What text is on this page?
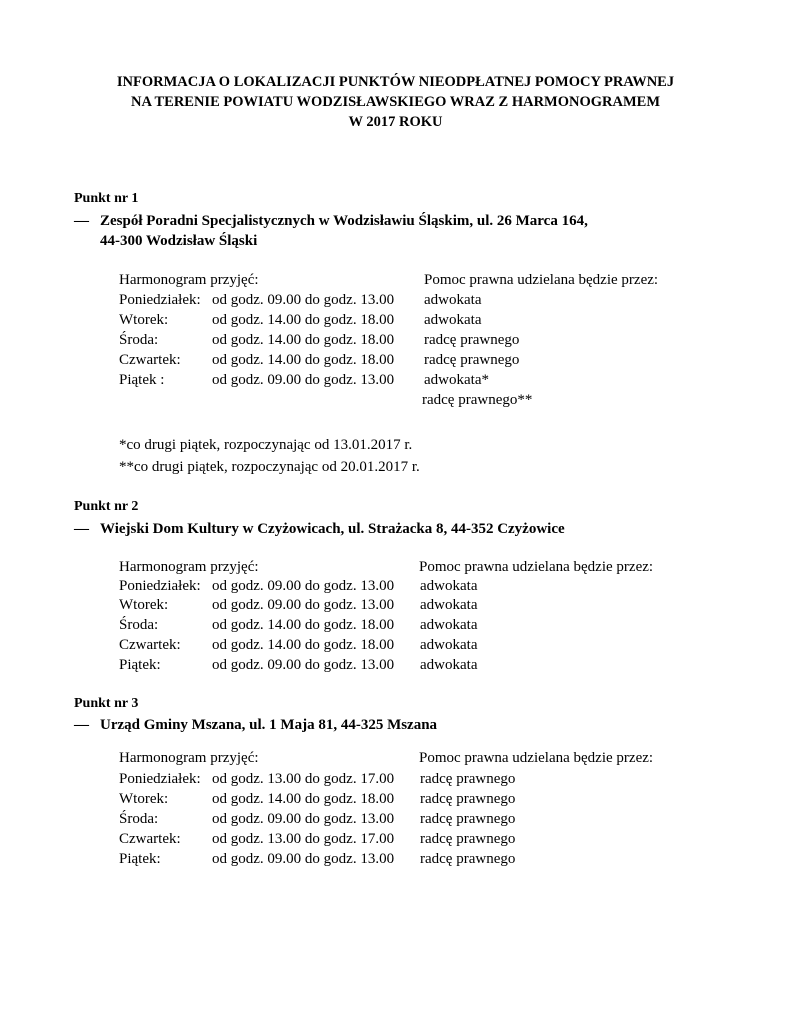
INFORMACJA O LOKALIZACJI PUNKTÓW NIEODPŁATNEJ POMOCY PRAWNEJ
NA TERENIE POWIATU WODZISŁAWSKIEGO WRAZ Z HARMONOGRAMEM
W 2017 ROKU
Punkt nr 1
— Zespół Poradni Specjalistycznych w Wodzisławiu Śląskim, ul. 26 Marca 164,
44-300 Wodzisław Śląski
Harmonogram przyjęć:	Pomoc prawna udzielana będzie przez:
Poniedziałek: od godz. 09.00 do godz. 13.00 adwokata
Wtorek:	od godz. 14.00 do godz. 18.00 adwokata
Środa:	od godz. 14.00 do godz. 18.00 radcę prawnego
Czwartek: od godz. 14.00 do godz. 18.00 radcę prawnego
Piątek :	od godz. 09.00 do godz. 13.00 adwokata*
radcę prawnego**
*co drugi piątek, rozpoczynając od 13.01.2017 r.
**co drugi piątek, rozpoczynając od 20.01.2017 r.
Punkt nr 2
— Wiejski Dom Kultury w Czyżowicach, ul. Strażacka 8, 44-352 Czyżowice
Harmonogram przyjęć:	Pomoc prawna udzielana będzie przez:
Poniedziałek: od godz. 09.00 do godz. 13.00 adwokata
Wtorek:	od godz. 09.00 do godz. 13.00 adwokata
Środa:	od godz. 14.00 do godz. 18.00 adwokata
Czwartek: od godz. 14.00 do godz. 18.00 adwokata
Piątek:	od godz. 09.00 do godz. 13.00 adwokata
Punkt nr 3
— Urząd Gminy Mszana, ul. 1 Maja 81, 44-325 Mszana
Harmonogram przyjęć:	Pomoc prawna udzielana będzie przez:
Poniedziałek: od godz. 13.00 do godz. 17.00 radcę prawnego
Wtorek:	od godz. 14.00 do godz. 18.00 radcę prawnego
Środa:	od godz. 09.00 do godz. 13.00 radcę prawnego
Czwartek: od godz. 13.00 do godz. 17.00 radcę prawnego
Piątek:	od godz. 09.00 do godz. 13.00 radcę prawnego
